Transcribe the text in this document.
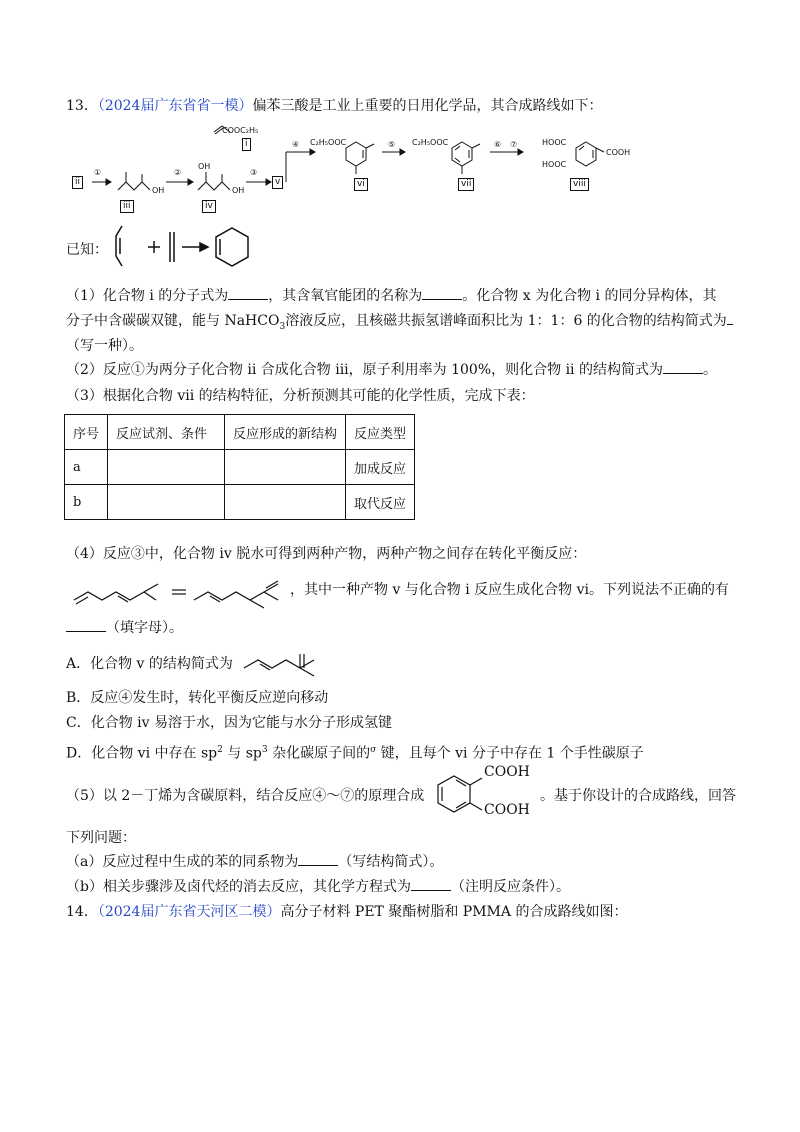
13．（2024届广东省省一模）偏苯三酸是工业上重要的日用化学品，其合成路线如下：
COOC₂H₅
i
ii
①
OH
iii
②
OH
OH
iv
③
v
④ C₂H₅OOC
vi
⑤ C₂H₅OOC
vii
⑥ ⑦	HOOC
HOOC
COOH
viii
已知：
（1）化合物 i 的分子式为	，其含氧官能团的名称为	。化合物 x 为化合物 i 的同分异构体，其
分子中含碳碳双键，能与 NaHCO$_3$溶液反应，且核磁共振氢谱峰面积比为 1：1：6 的化合物的结构简式为
（写一种）。
（2）反应①为两分子化合物 ii 合成化合物 iii，原子利用率为 100%，则化合物 ii 的结构简式为	。
（3）根据化合物 vii 的结构特征，分析预测其可能的化学性质，完成下表：
序号	反应试剂、条件	反应形成的新结构	反应类型
a			加成反应
b			取代反应
（4）反应③中，化合物 iv 脱水可得到两种产物，两种产物之间存在转化平衡反应：
，其中一种产物 v 与化合物 i 反应生成化合物 vi。下列说法不正确的有
（填字母）。
A．化合物 v 的结构简式为
B．反应④发生时，转化平衡反应逆向移动
C．化合物 iv 易溶于水，因为它能与水分子形成氢键
D．化合物 vi 中存在 $sp^2$ 与 $sp^3$ 杂化碳原子间的$^\sigma$ 键，且每个 vi 分子中存在 1 个手性碳原子
（5）以 2－丁烯为含碳原料，结合反应④～⑦的原理合成
COOH
COOH
。基于你设计的合成路线，回答
下列问题：
（a）反应过程中生成的苯的同系物为	（写结构简式）。
（b）相关步骤涉及卤代烃的消去反应，其化学方程式为	（注明反应条件）。
14．（2024届广东省天河区二模）高分子材料 PET 聚酯树脂和 PMMA 的合成路线如图：
